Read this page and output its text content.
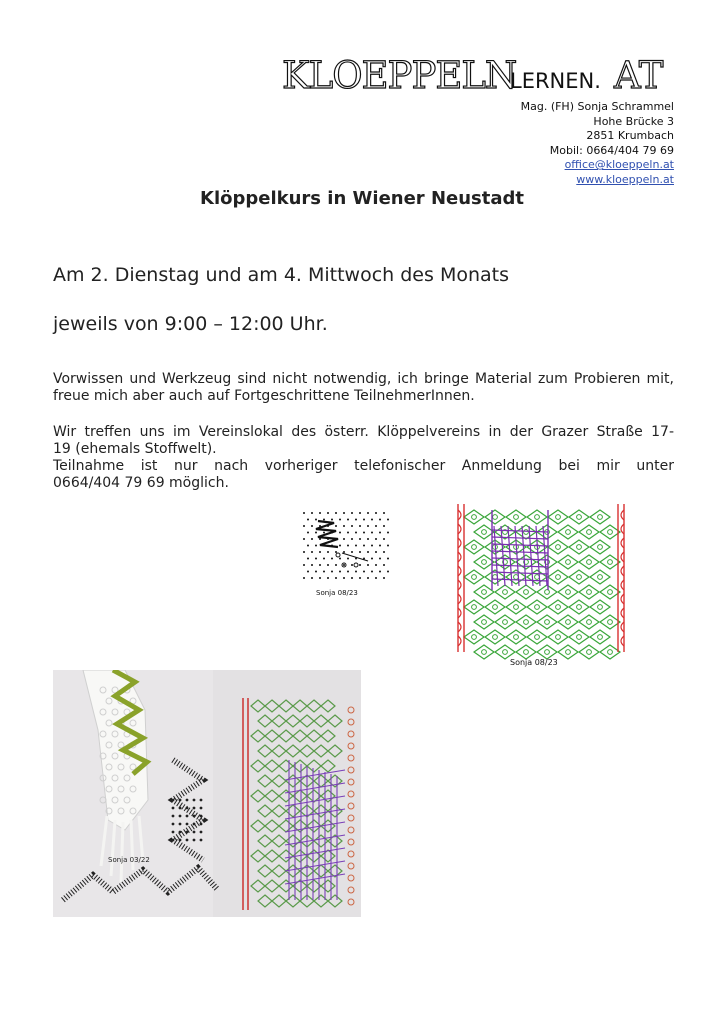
KLOEPPELN
LERNEN. AT
Mag. (FH) Sonja Schrammel
Hohe Brücke 3
2851 Krumbach
Mobil: 0664/404 79 69
office@kloeppeln.at
www.kloeppeln.at
Klöppelkurs in Wiener Neustadt
Am 2. Dienstag und am 4. Mittwoch des Monats
jeweils von 9:00 – 12:00 Uhr.
Vorwissen und Werkzeug sind nicht notwendig, ich bringe Material zum Probieren mit, freue mich aber auch auf Fortgeschrittene TeilnehmerInnen.
Wir treffen uns im Vereinslokal des österr. Klöppelvereins in der Grazer Straße 17-
19 (ehemals Stoffwelt).
Teilnahme ist nur nach vorheriger telefonischer Anmeldung bei mir unter
0664/404 79 69 möglich.
Sonja 08/23
Sonja 08/23
Sonja 03/22
